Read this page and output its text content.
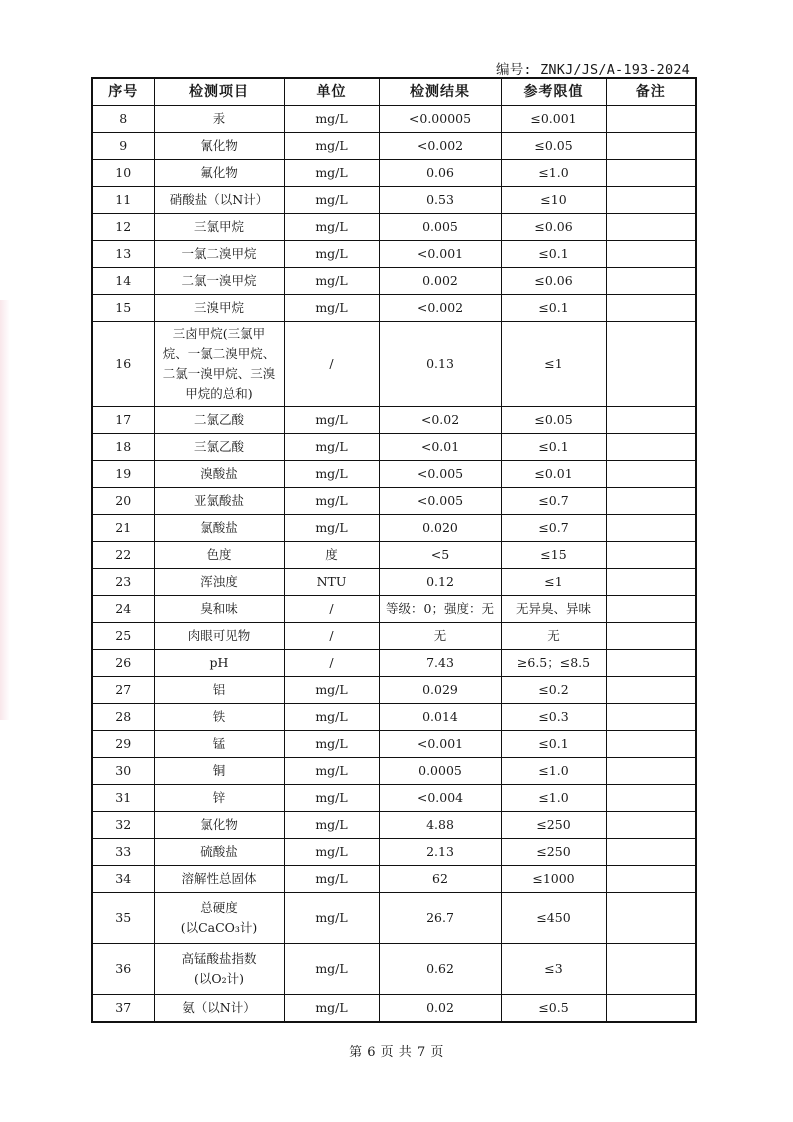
编号: ZNKJ/JS/A-193-2024
序号	检测项目	单位	检测结果	参考限值	备注
8	汞	mg/L	<0.00005	≤0.001	
9	氰化物	mg/L	<0.002	≤0.05	
10	氟化物	mg/L	0.06	≤1.0	
11	硝酸盐（以N计）	mg/L	0.53	≤10	
12	三氯甲烷	mg/L	0.005	≤0.06	
13	一氯二溴甲烷	mg/L	<0.001	≤0.1	
14	二氯一溴甲烷	mg/L	0.002	≤0.06	
15	三溴甲烷	mg/L	<0.002	≤0.1	
16	三卤甲烷(三氯甲
烷、一氯二溴甲烷、
二氯一溴甲烷、三溴
甲烷的总和)	/	0.13	≤1	
17	二氯乙酸	mg/L	<0.02	≤0.05	
18	三氯乙酸	mg/L	<0.01	≤0.1	
19	溴酸盐	mg/L	<0.005	≤0.01	
20	亚氯酸盐	mg/L	<0.005	≤0.7	
21	氯酸盐	mg/L	0.020	≤0.7	
22	色度	度	<5	≤15	
23	浑浊度	NTU	0.12	≤1	
24	臭和味	/	等级：0；强度：无	无异臭、异味	
25	肉眼可见物	/	无	无	
26	pH	/	7.43	≥6.5；≤8.5	
27	铝	mg/L	0.029	≤0.2	
28	铁	mg/L	0.014	≤0.3	
29	锰	mg/L	<0.001	≤0.1	
30	铜	mg/L	0.0005	≤1.0	
31	锌	mg/L	<0.004	≤1.0	
32	氯化物	mg/L	4.88	≤250	
33	硫酸盐	mg/L	2.13	≤250	
34	溶解性总固体	mg/L	62	≤1000	
35	总硬度
(以CaCO₃计)	mg/L	26.7	≤450	
36	高锰酸盐指数
(以O₂计)	mg/L	0.62	≤3	
37	氨（以N计）	mg/L	0.02	≤0.5	
第 6 页 共 7 页
